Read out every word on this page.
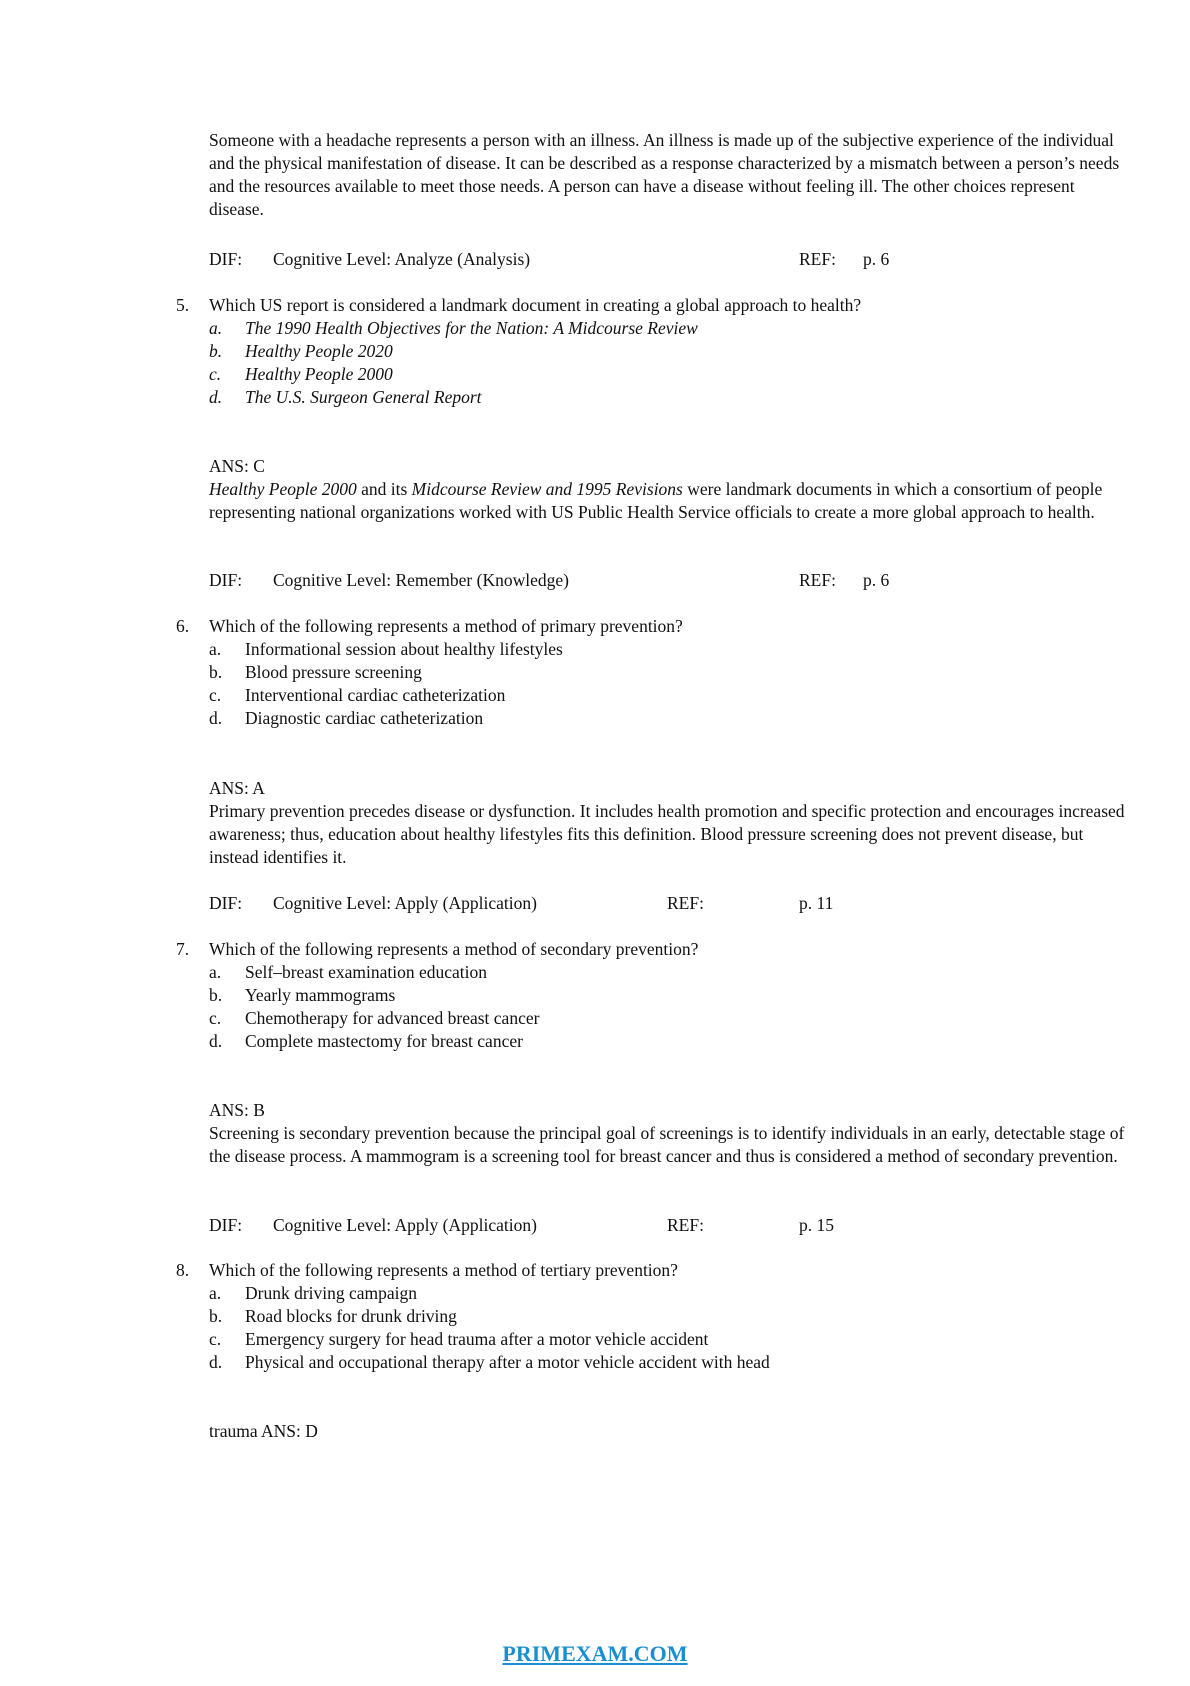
Someone with a headache represents a person with an illness. An illness is made up of the subjective experience of the individual and the physical manifestation of disease. It can be described as a response characterized by a mismatch between a person’s needs and the resources available to meet those needs. A person can have a disease without feeling ill. The other choices represent disease.

DIF: Cognitive Level: Analyze (Analysis)	REF: p. 6
5. Which US report is considered a landmark document in creating a global approach to health?
a. The 1990 Health Objectives for the Nation: A Midcourse Review
b. Healthy People 2020
c. Healthy People 2000
d. The U.S. Surgeon General Report
ANS: C

Healthy People 2000 and its Midcourse Review and 1995 Revisions were landmark documents in which a consortium of people representing national organizations worked with US Public Health Service officials to create a more global approach to health.

DIF: Cognitive Level: Remember (Knowledge)	REF: p. 6
6. Which of the following represents a method of primary prevention?
a. Informational session about healthy lifestyles
b. Blood pressure screening
c. Interventional cardiac catheterization
d. Diagnostic cardiac catheterization
ANS: A

Primary prevention precedes disease or dysfunction. It includes health promotion and specific protection and encourages increased awareness; thus, education about healthy lifestyles fits this definition. Blood pressure screening does not prevent disease, but instead identifies it.

DIF: Cognitive Level: Apply (Application)	REF:	p. 11
7. Which of the following represents a method of secondary prevention?
a. Self–breast examination education
b. Yearly mammograms
c. Chemotherapy for advanced breast cancer
d. Complete mastectomy for breast cancer
ANS: B

Screening is secondary prevention because the principal goal of screenings is to identify individuals in an early, detectable stage of the disease process. A mammogram is a screening tool for breast cancer and thus is considered a method of secondary prevention.

DIF: Cognitive Level: Apply (Application)	REF:	p. 15
8. Which of the following represents a method of tertiary prevention?
a. Drunk driving campaign
b. Road blocks for drunk driving
c. Emergency surgery for head trauma after a motor vehicle accident
d. Physical and occupational therapy after a motor vehicle accident with head
trauma ANS: D
PRIMEXAM.COM
